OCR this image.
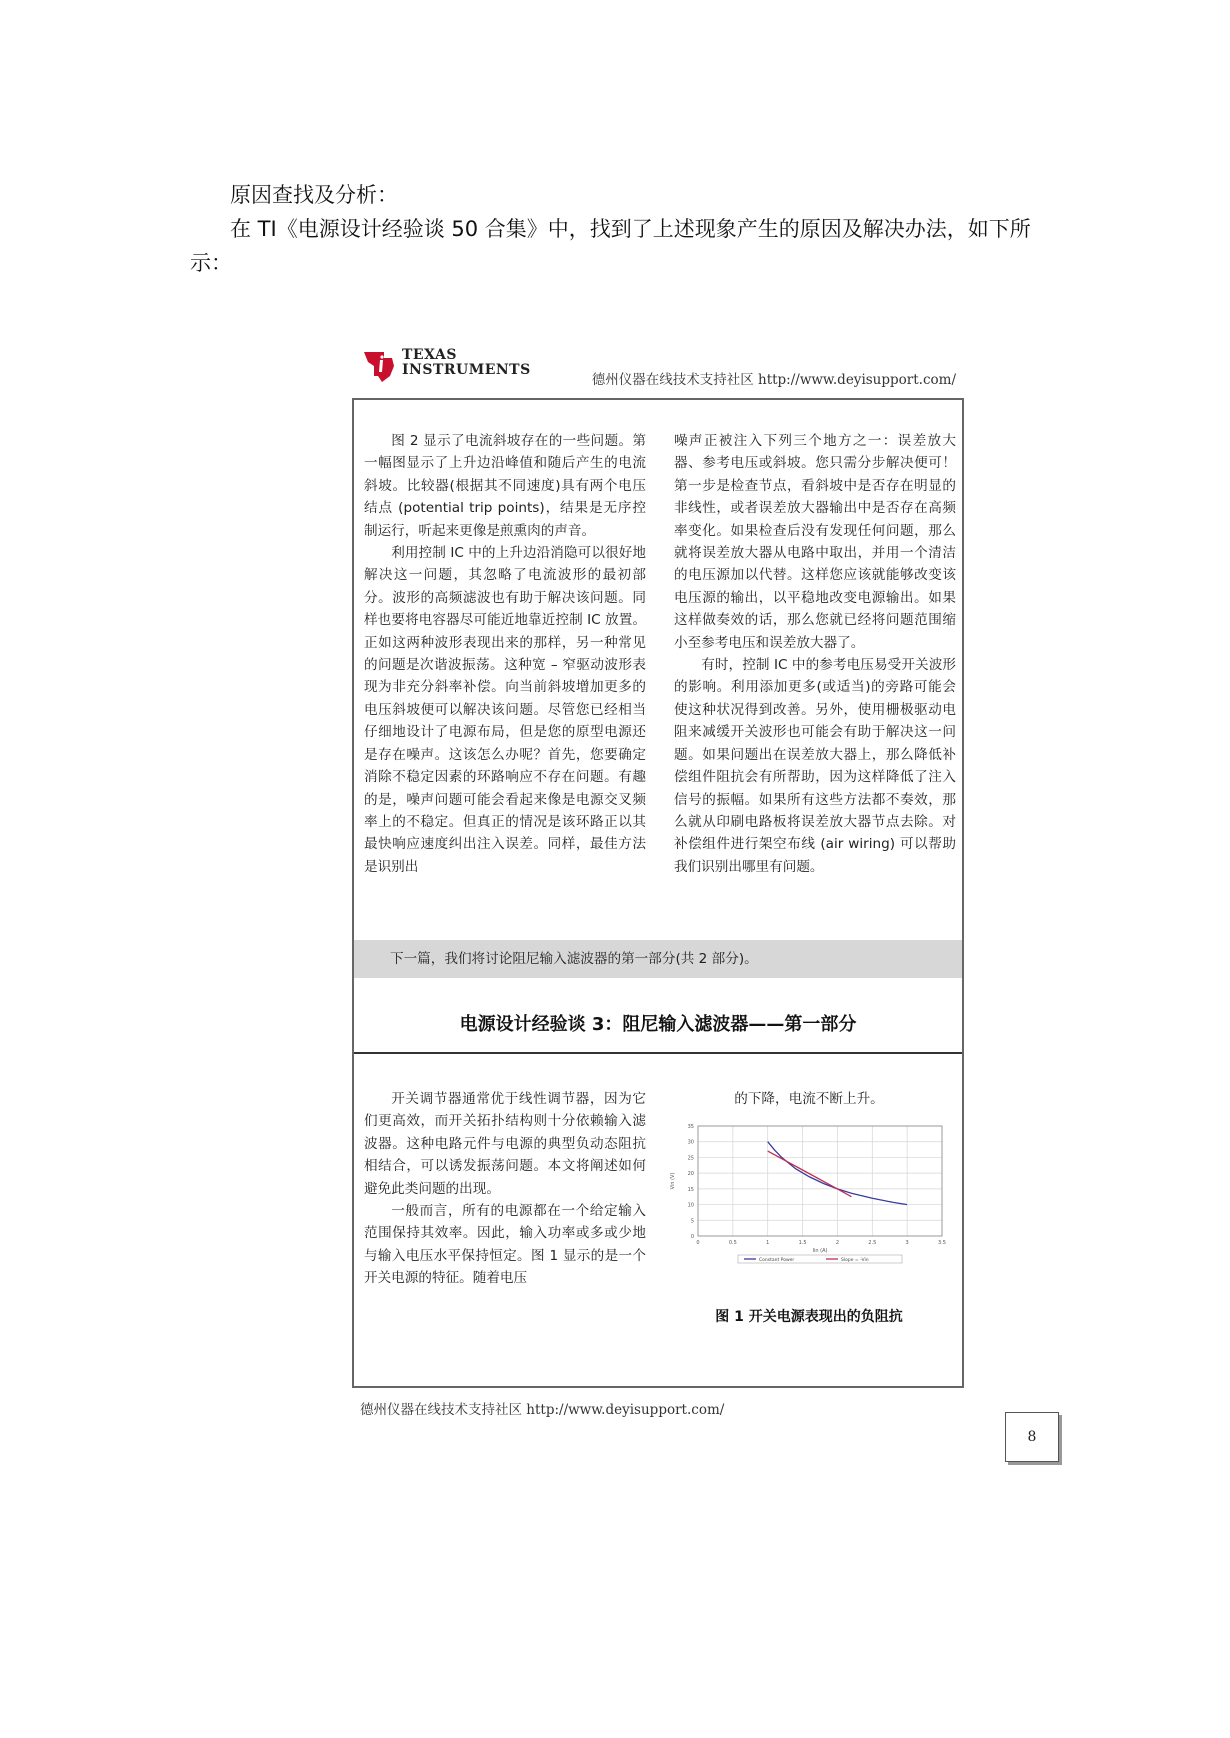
原因查找及分析：

在 TI《电源设计经验谈 50 合集》中，找到了上述现象产生的原因及解决办法，如下所示：

TEXAS
INSTRUMENTS
德州仪器在线技术支持社区 http://www.deyisupport.com/

图 2 显示了电流斜坡存在的一些问题。第一幅图显示了上升边沿峰值和随后产生的电流斜坡。比较器(根据其不同速度)具有两个电压结点 (potential trip points)，结果是无序控制运行，听起来更像是煎熏肉的声音。

利用控制 IC 中的上升边沿消隐可以很好地解决这一问题，其忽略了电流波形的最初部分。波形的高频滤波也有助于解决该问题。同样也要将电容器尽可能近地靠近控制 IC 放置。正如这两种波形表现出来的那样，另一种常见的问题是次谐波振荡。这种宽 – 窄驱动波形表现为非充分斜率补偿。向当前斜坡增加更多的电压斜坡便可以解决该问题。尽管您已经相当仔细地设计了电源布局，但是您的原型电源还是存在噪声。这该怎么办呢？首先，您要确定消除不稳定因素的环路响应不存在问题。有趣的是，噪声问题可能会看起来像是电源交叉频率上的不稳定。但真正的情况是该环路正以其最快响应速度纠出注入误差。同样，最佳方法是识别出

噪声正被注入下列三个地方之一：误差放大器、参考电压或斜坡。您只需分步解决便可！第一步是检查节点，看斜坡中是否存在明显的非线性，或者误差放大器输出中是否存在高频率变化。如果检查后没有发现任何问题，那么就将误差放大器从电路中取出，并用一个清洁的电压源加以代替。这样您应该就能够改变该电压源的输出，以平稳地改变电源输出。如果这样做奏效的话，那么您就已经将问题范围缩小至参考电压和误差放大器了。

有时，控制 IC 中的参考电压易受开关波形的影响。利用添加更多(或适当)的旁路可能会使这种状况得到改善。另外，使用栅极驱动电阻来减缓开关波形也可能会有助于解决这一问题。如果问题出在误差放大器上，那么降低补偿组件阻抗会有所帮助，因为这样降低了注入信号的振幅。如果所有这些方法都不奏效，那么就从印刷电路板将误差放大器节点去除。对补偿组件进行架空布线 (air wiring) 可以帮助我们识别出哪里有问题。

下一篇，我们将讨论阻尼输入滤波器的第一部分(共 2 部分)。
电源设计经验谈 3：阻尼输入滤波器——第一部分

开关调节器通常优于线性调节器，因为它们更高效，而开关拓扑结构则十分依赖输入滤波器。这种电路元件与电源的典型负动态阻抗相结合，可以诱发振荡问题。本文将阐述如何避免此类问题的出现。

一般而言，所有的电源都在一个给定输入范围保持其效率。因此，输入功率或多或少地与输入电压水平保持恒定。图 1 显示的是一个开关电源的特征。随着电压

的下降，电流不断上升。
0
5
10
15
20
25
30
35
0	0.5	1	1.5	2	2.5	3	3.5
Iin (A)
Vin (V)
Constant Power	Slope = -Vin
图 1 开关电源表现出的负阻抗
德州仪器在线技术支持社区 http://www.deyisupport.com/
8
